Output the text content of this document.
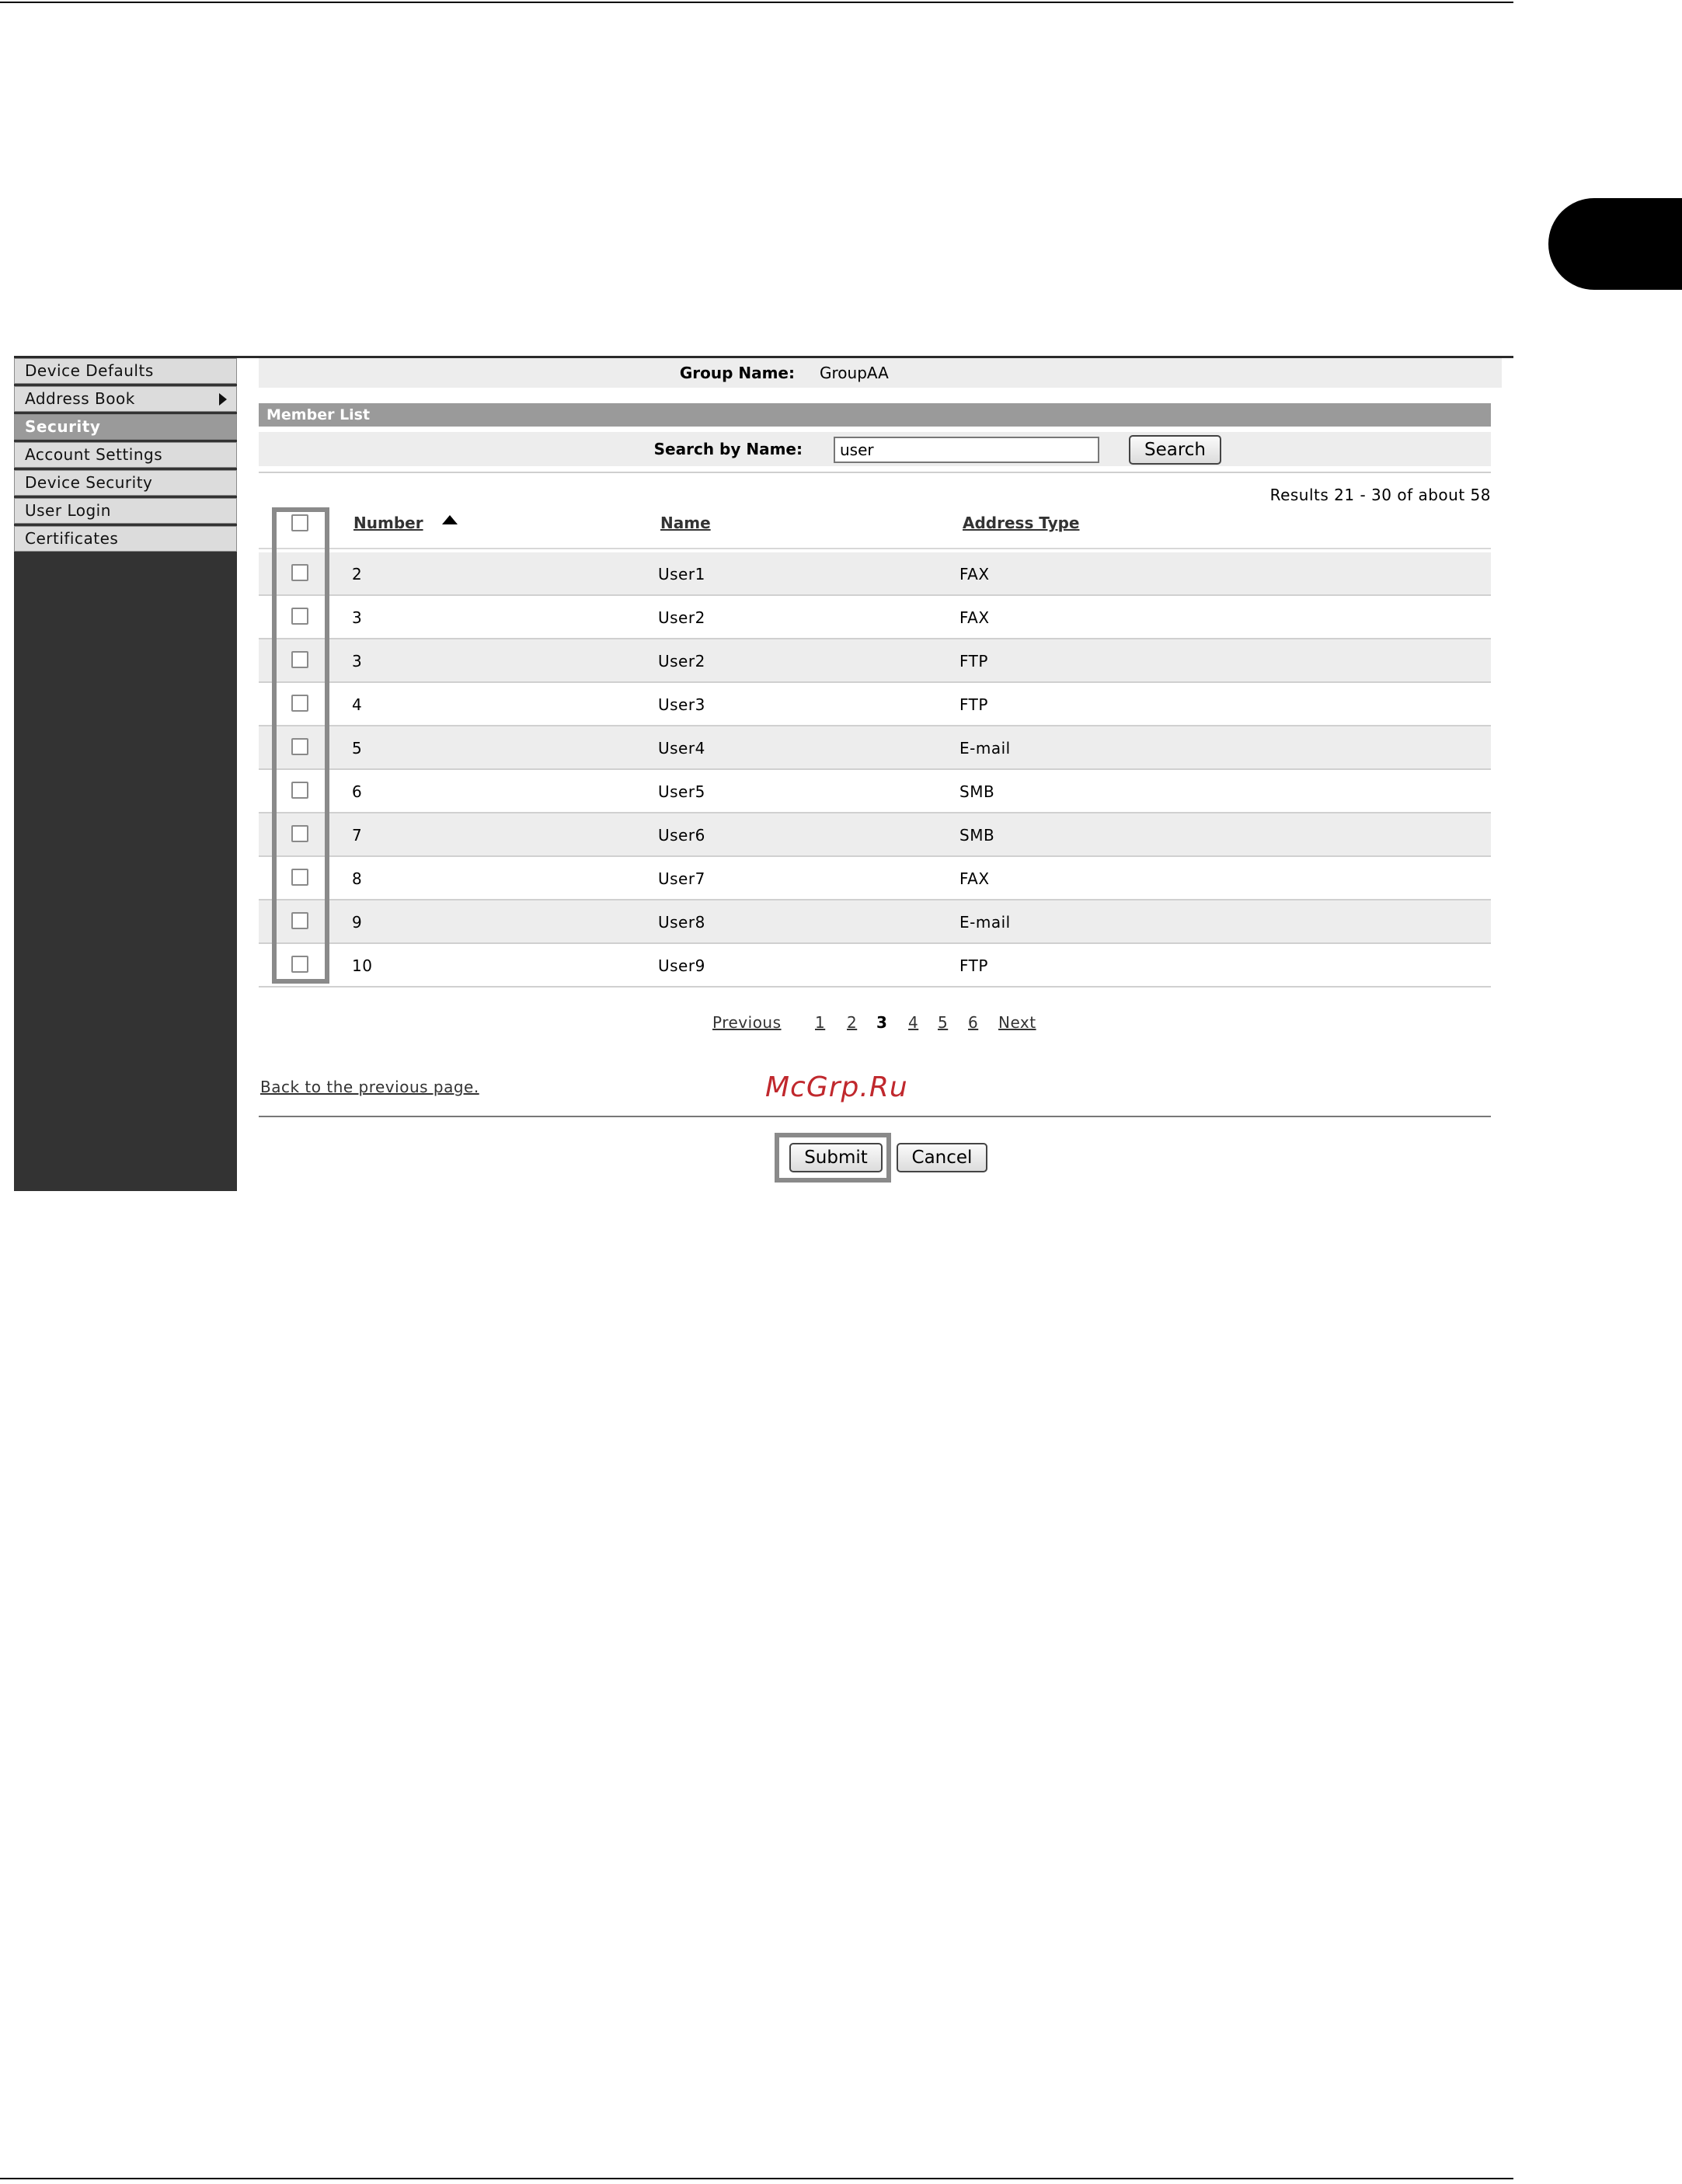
Device Defaults
Address Book
Security
Account Settings
Device Security
User Login
Certificates
Group Name: GroupAA
Member List
Search by Name:
user	Search
Results 21 - 30 of about 58
Number	Name	Address Type
2	User1	FAX
3	User2	FAX
3	User2	FTP
4	User3	FTP
5	User4	E-mail
6	User5	SMB
7	User6	SMB
8	User7	FAX
9	User8	E-mail
10	User9	FTP
Previous 1 2 3 4 5 6 Next
Back to the previous page.	McGrp.Ru
Submit	Cancel
